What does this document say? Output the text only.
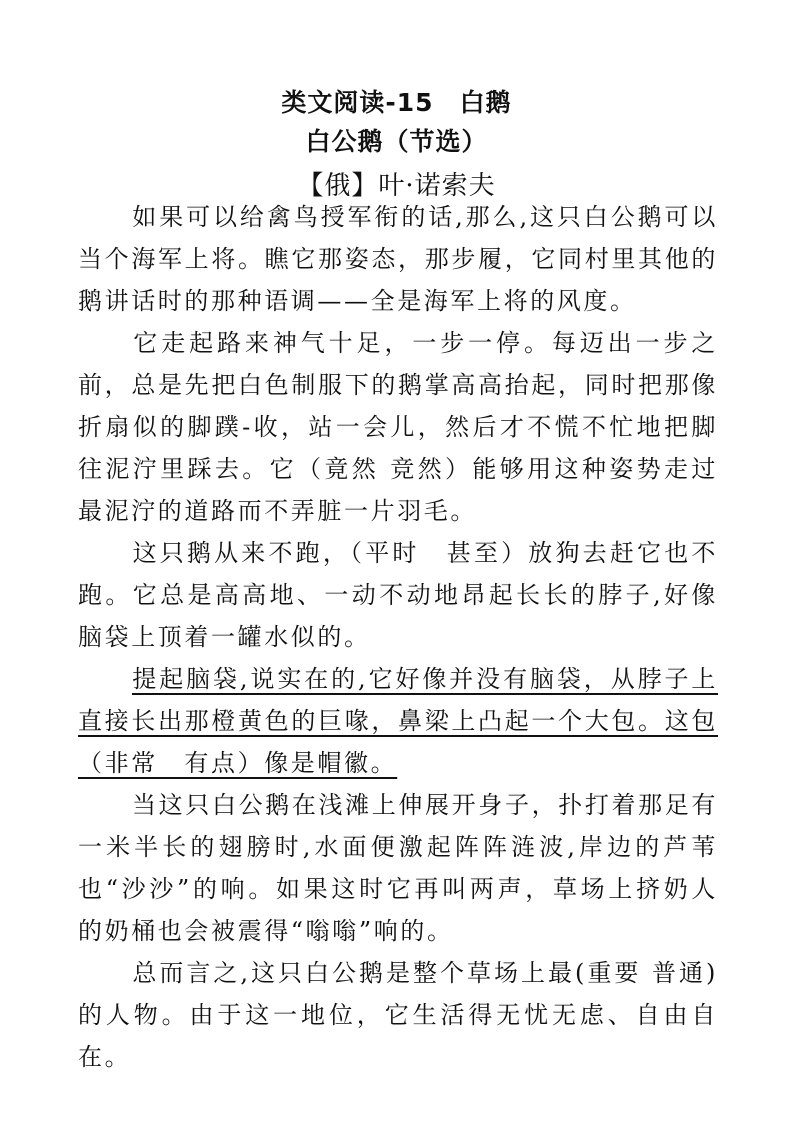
类文阅读-15　白鹅
白公鹅（节选）
【俄】叶·诺索夫
如果可以给禽鸟授军衔的话,那么,这只白公鹅可以当个海军上将。瞧它那姿态，那步履，它同村里其他的鹅讲话时的那种语调——全是海军上将的风度。
它走起路来神气十足，一步一停。每迈出一步之前，总是先把白色制服下的鹅掌高高抬起，同时把那像折扇似的脚蹼-收，站一会儿，然后才不慌不忙地把脚往泥泞里踩去。它（竟然 竞然）能够用这种姿势走过最泥泞的道路而不弄脏一片羽毛。
这只鹅从来不跑，（平时　甚至）放狗去赶它也不跑。它总是高高地、一动不动地昂起长长的脖子,好像脑袋上顶着一罐水似的。
提起脑袋,说实在的,它好像并没有脑袋，从脖子上直接长出那橙黄色的巨喙，鼻梁上凸起一个大包。这包（非常　有点）像是帽徽。
当这只白公鹅在浅滩上伸展开身子，扑打着那足有一米半长的翅膀时,水面便激起阵阵涟波,岸边的芦苇也“沙沙”的响。如果这时它再叫两声，草场上挤奶人的奶桶也会被震得“嗡嗡”响的。
总而言之,这只白公鹅是整个草场上最(重要 普通)的人物。由于这一地位，它生活得无忧无虑、自由自在。
